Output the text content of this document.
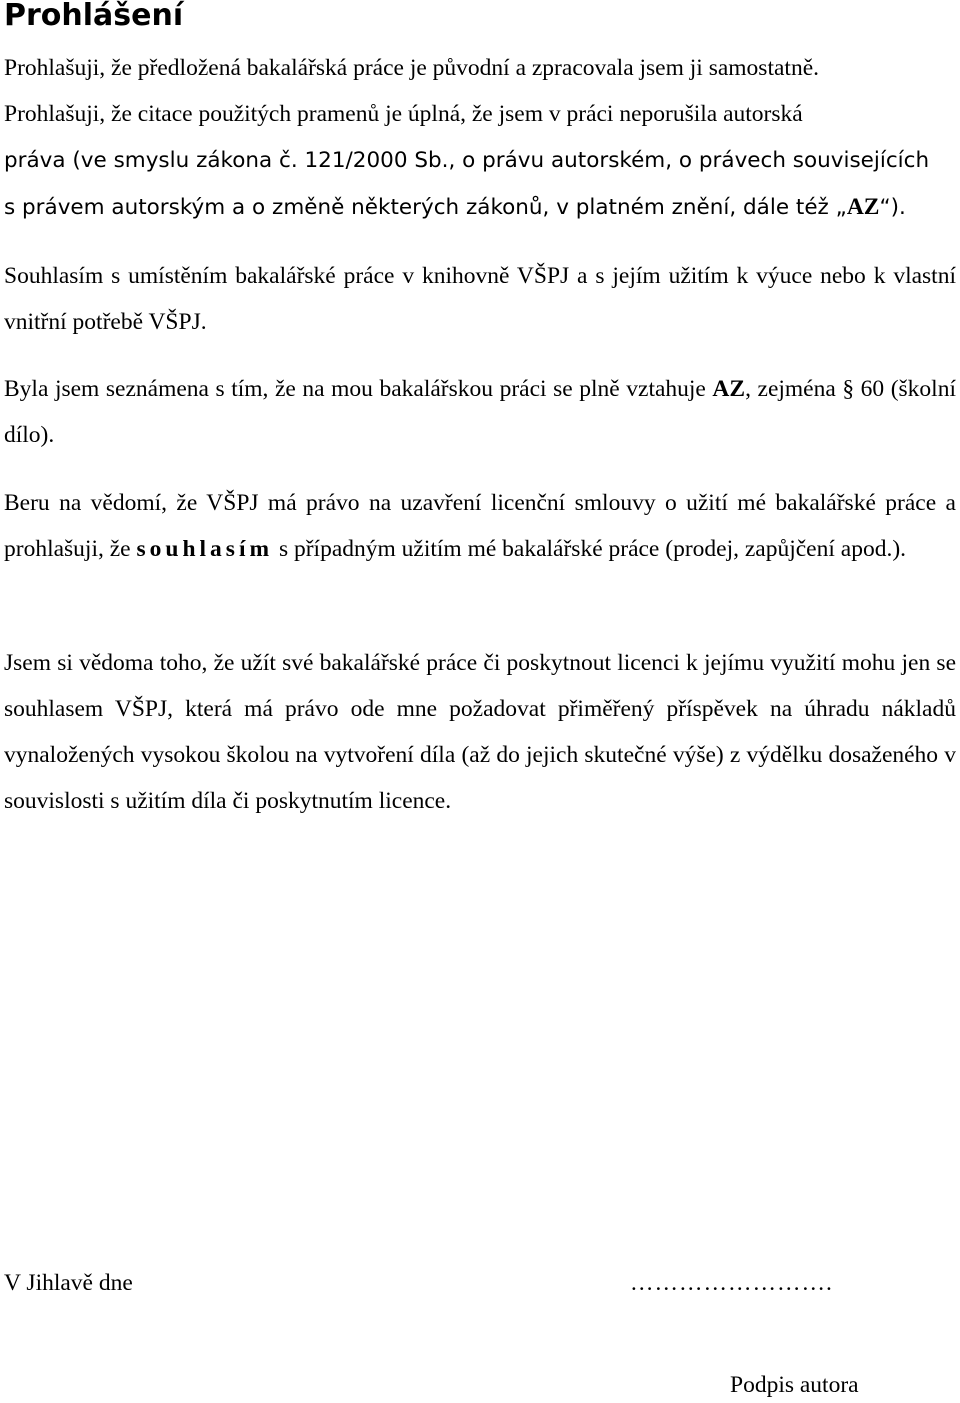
Prohlášení
Prohlašuji, že předložená bakalářská práce je původní a zpracovala jsem ji samostatně.
Prohlašuji, že citace použitých pramenů je úplná, že jsem v práci neporušila autorská
práva (ve smyslu zákona č. 121/2000 Sb., o právu autorském, o právech souvisejících
s právem autorským a o změně některých zákonů, v platném znění, dále též „AZ“).

Souhlasím s umístěním bakalářské práce v knihovně VŠPJ a s jejím užitím k výuce nebo k vlastní vnitřní potřebě VŠPJ.

Byla jsem seznámena s tím, že na mou bakalářskou práci se plně vztahuje AZ, zejména § 60 (školní dílo).

Beru na vědomí, že VŠPJ má právo na uzavření licenční smlouvy o užití mé bakalářské práce a prohlašuji, že souhlasím s případným užitím mé bakalářské práce (prodej, zapůjčení apod.).

Jsem si vědoma toho, že užít své bakalářské práce či poskytnout licenci k jejímu využití mohu jen se souhlasem VŠPJ, která má právo ode mne požadovat přiměřený příspěvek na úhradu nákladů vynaložených vysokou školou na vytvoření díla (až do jejich skutečné výše) z výdělku dosaženého v souvislosti s užitím díla či poskytnutím licence.

V Jihlavě dne	…………………….
Podpis autora
